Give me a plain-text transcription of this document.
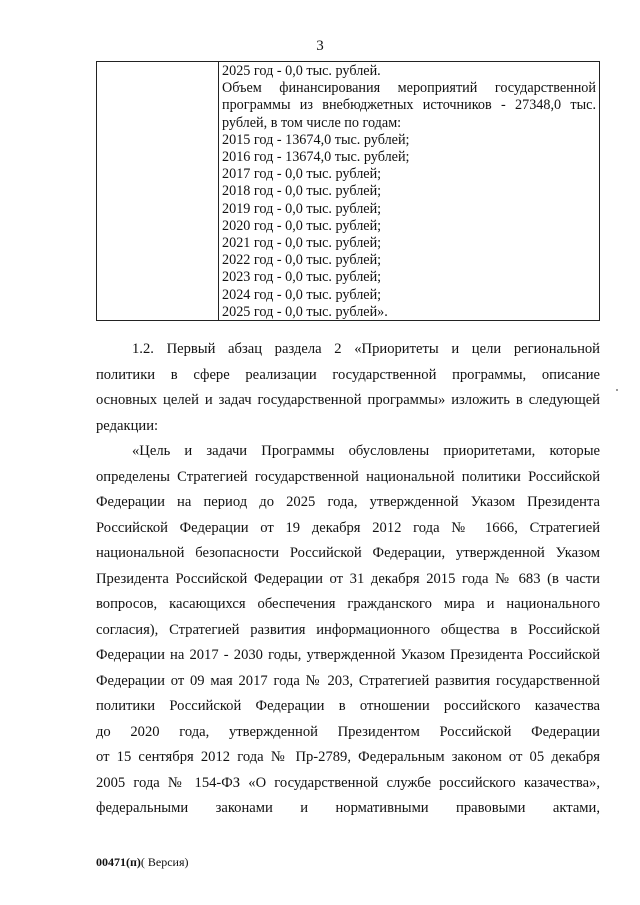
3
2025 год - 0,0 тыс. рублей.
Объем финансирования мероприятий государственной
программы из внебюджетных источников - 27348,0 тыс.
рублей, в том числе по годам:
2015 год - 13674,0 тыс. рублей;
2016 год - 13674,0 тыс. рублей;
2017 год - 0,0 тыс. рублей;
2018 год - 0,0 тыс. рублей;
2019 год - 0,0 тыс. рублей;
2020 год - 0,0 тыс. рублей;
2021 год - 0,0 тыс. рублей;
2022 год - 0,0 тыс. рублей;
2023 год - 0,0 тыс. рублей;
2024 год - 0,0 тыс. рублей;
2025 год - 0,0 тыс. рублей».
1.2. Первый абзац раздела 2 «Приоритеты и цели региональной
политики в сфере реализации государственной программы, описание
основных целей и задач государственной программы» изложить в следующей
редакции:
«Цель и задачи Программы обусловлены приоритетами, которые
определены Стратегией государственной национальной политики Российской
Федерации на период до 2025 года, утвержденной Указом Президента
Российской Федерации от 19 декабря 2012 года № 1666, Стратегией
национальной безопасности Российской Федерации, утвержденной Указом
Президента Российской Федерации от 31 декабря 2015 года № 683 (в части
вопросов, касающихся обеспечения гражданского мира и национального
согласия), Стратегией развития информационного общества в Российской
Федерации на 2017 - 2030 годы, утвержденной Указом Президента Российской
Федерации от 09 мая 2017 года № 203, Стратегией развития государственной
политики Российской Федерации в отношении российского казачества
до 2020 года, утвержденной Президентом Российской Федерации
от 15 сентября 2012 года № Пр-2789, Федеральным законом от 05 декабря
2005 года № 154-ФЗ «О государственной службе российского казачества»,
федеральными законами и нормативными правовыми актами,
00471(п)( Версия)
